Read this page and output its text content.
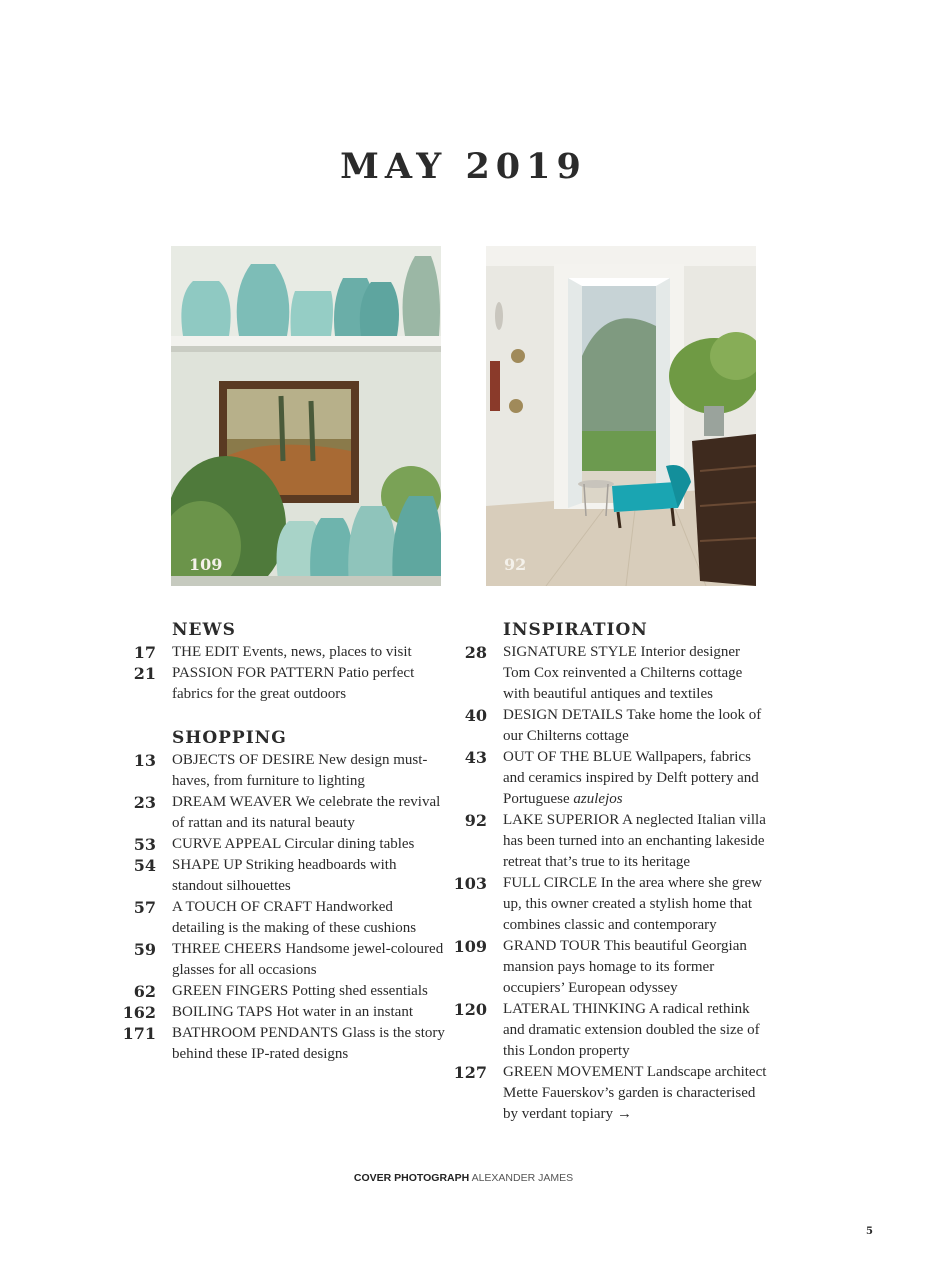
MAY 2019
109	92
NEWS
17	THE EDIT Events, news, places to visit
21	PASSION FOR PATTERN Patio perfect fabrics for the great outdoors
SHOPPING
13	OBJECTS OF DESIRE New design must-haves, from furniture to lighting
23	DREAM WEAVER We celebrate the revival of rattan and its natural beauty
53	CURVE APPEAL Circular dining tables
54	SHAPE UP Striking headboards with standout silhouettes
57	A TOUCH OF CRAFT Handworked detailing is the making of these cushions
59	THREE CHEERS Handsome jewel-coloured glasses for all occasions
62	GREEN FINGERS Potting shed essentials
162	BOILING TAPS Hot water in an instant
171	BATHROOM PENDANTS Glass is the story behind these IP-rated designs
INSPIRATION
28	SIGNATURE STYLE Interior designer Tom Cox reinvented a Chilterns cottage with beautiful antiques and textiles
40	DESIGN DETAILS Take home the look of our Chilterns cottage
43	OUT OF THE BLUE Wallpapers, fabrics and ceramics inspired by Delft pottery and Portuguese azulejos
92	LAKE SUPERIOR A neglected Italian villa has been turned into an enchanting lakeside retreat that’s true to its heritage
103	FULL CIRCLE In the area where she grew up, this owner created a stylish home that combines classic and contemporary
109	GRAND TOUR This beautiful Georgian mansion pays homage to its former occupiers’ European odyssey
120	LATERAL THINKING A radical rethink and dramatic extension doubled the size of this London property
127	GREEN MOVEMENT Landscape architect Mette Fauerskov’s garden is characterised by verdant topiary →
COVER PHOTOGRAPH ALEXANDER JAMES
5
